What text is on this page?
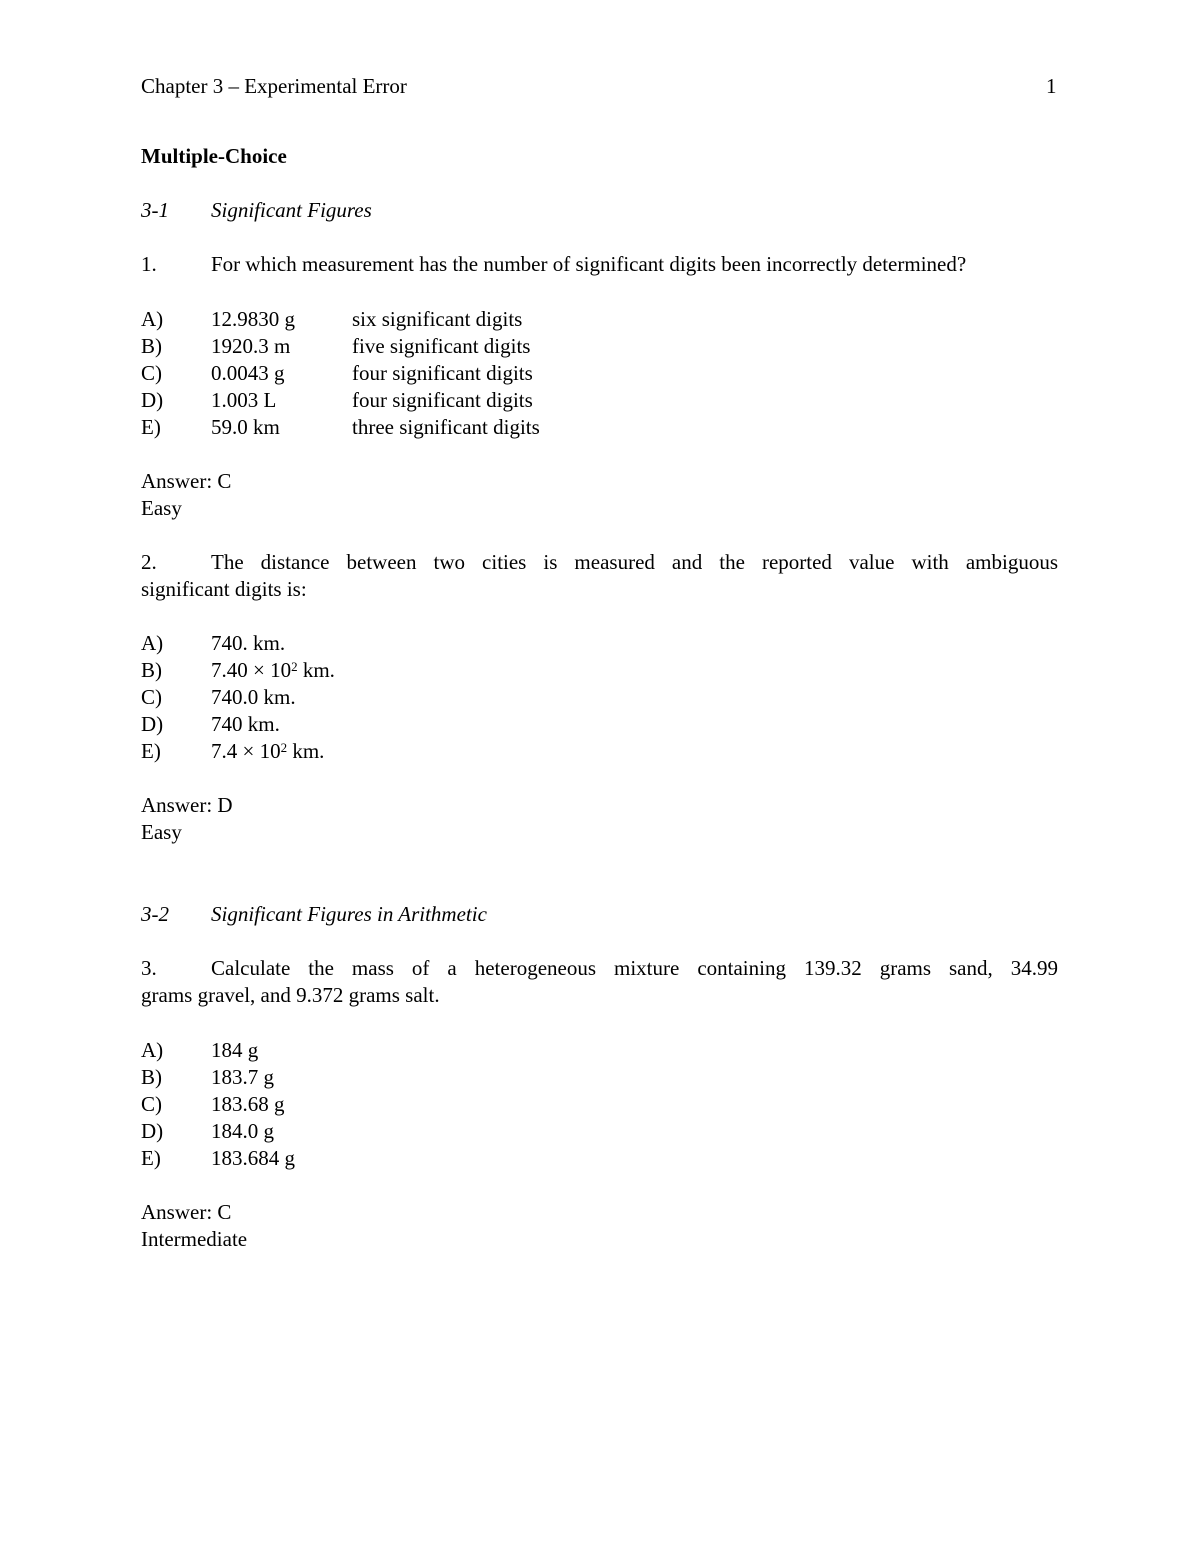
Chapter 3 – Experimental Error	1
Multiple-Choice
3-1 Significant Figures
1.	For which measurement has the number of significant digits been incorrectly determined?
A) 12.9830 g	six significant digits
B) 1920.3 m	five significant digits
C) 0.0043 g	four significant digits
D) 1.003 L	four significant digits
E) 59.0 km	three significant digits
Answer: C
Easy
2.	The distance between two cities is measured and the reported value with ambiguous
significant digits is:
A) 740. km.
B) $7.40 \times 10^2$ km.
C) 740.0 km.
D) 740 km.
E) $7.4 \times 10^2$ km.
Answer: D
Easy
3-2 Significant Figures in Arithmetic
3.	Calculate the mass of a heterogeneous mixture containing 139.32 grams sand, 34.99
grams gravel, and 9.372 grams salt.
A) 184 g
B) 183.7 g
C) 183.68 g
D) 184.0 g
E) 183.684 g
Answer: C
Intermediate
